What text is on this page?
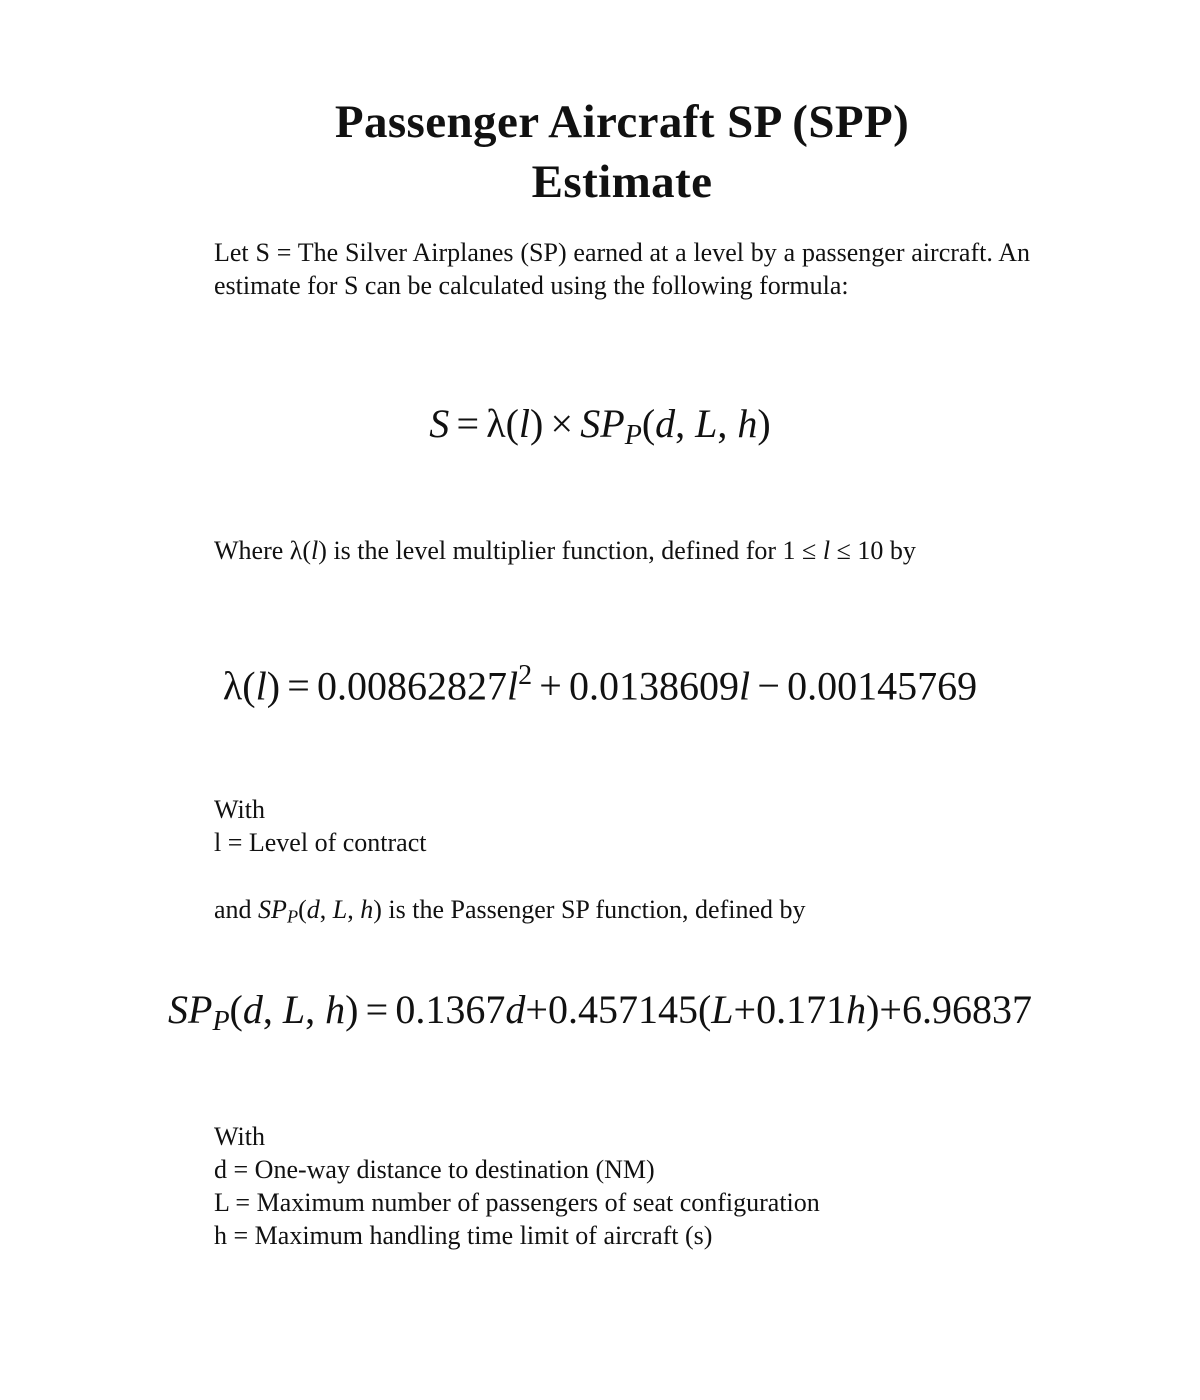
Passenger Aircraft SP (SPP)
Estimate
Let S = The Silver Airplanes (SP) earned at a level by a passenger aircraft. An estimate for S can be calculated using the following formula:
$S = \lambda(l) \times SP_P(d$, L, h)
Where λ(l) is the level multiplier function, defined for 1 ≤ l ≤ 10 by
$\lambda(l) = 0.00862827l^2 + 0.0138609l - 0.00145769$
With
l = Level of contract
and $SP_P(d$, L, h) is the Passenger SP function, defined by
$SP_P(d$, L, h) = 0.1367d+0.457145(L+0.171h)+6.96837
With
d = One-way distance to destination (NM)
L = Maximum number of passengers of seat configuration
h = Maximum handling time limit of aircraft (s)
